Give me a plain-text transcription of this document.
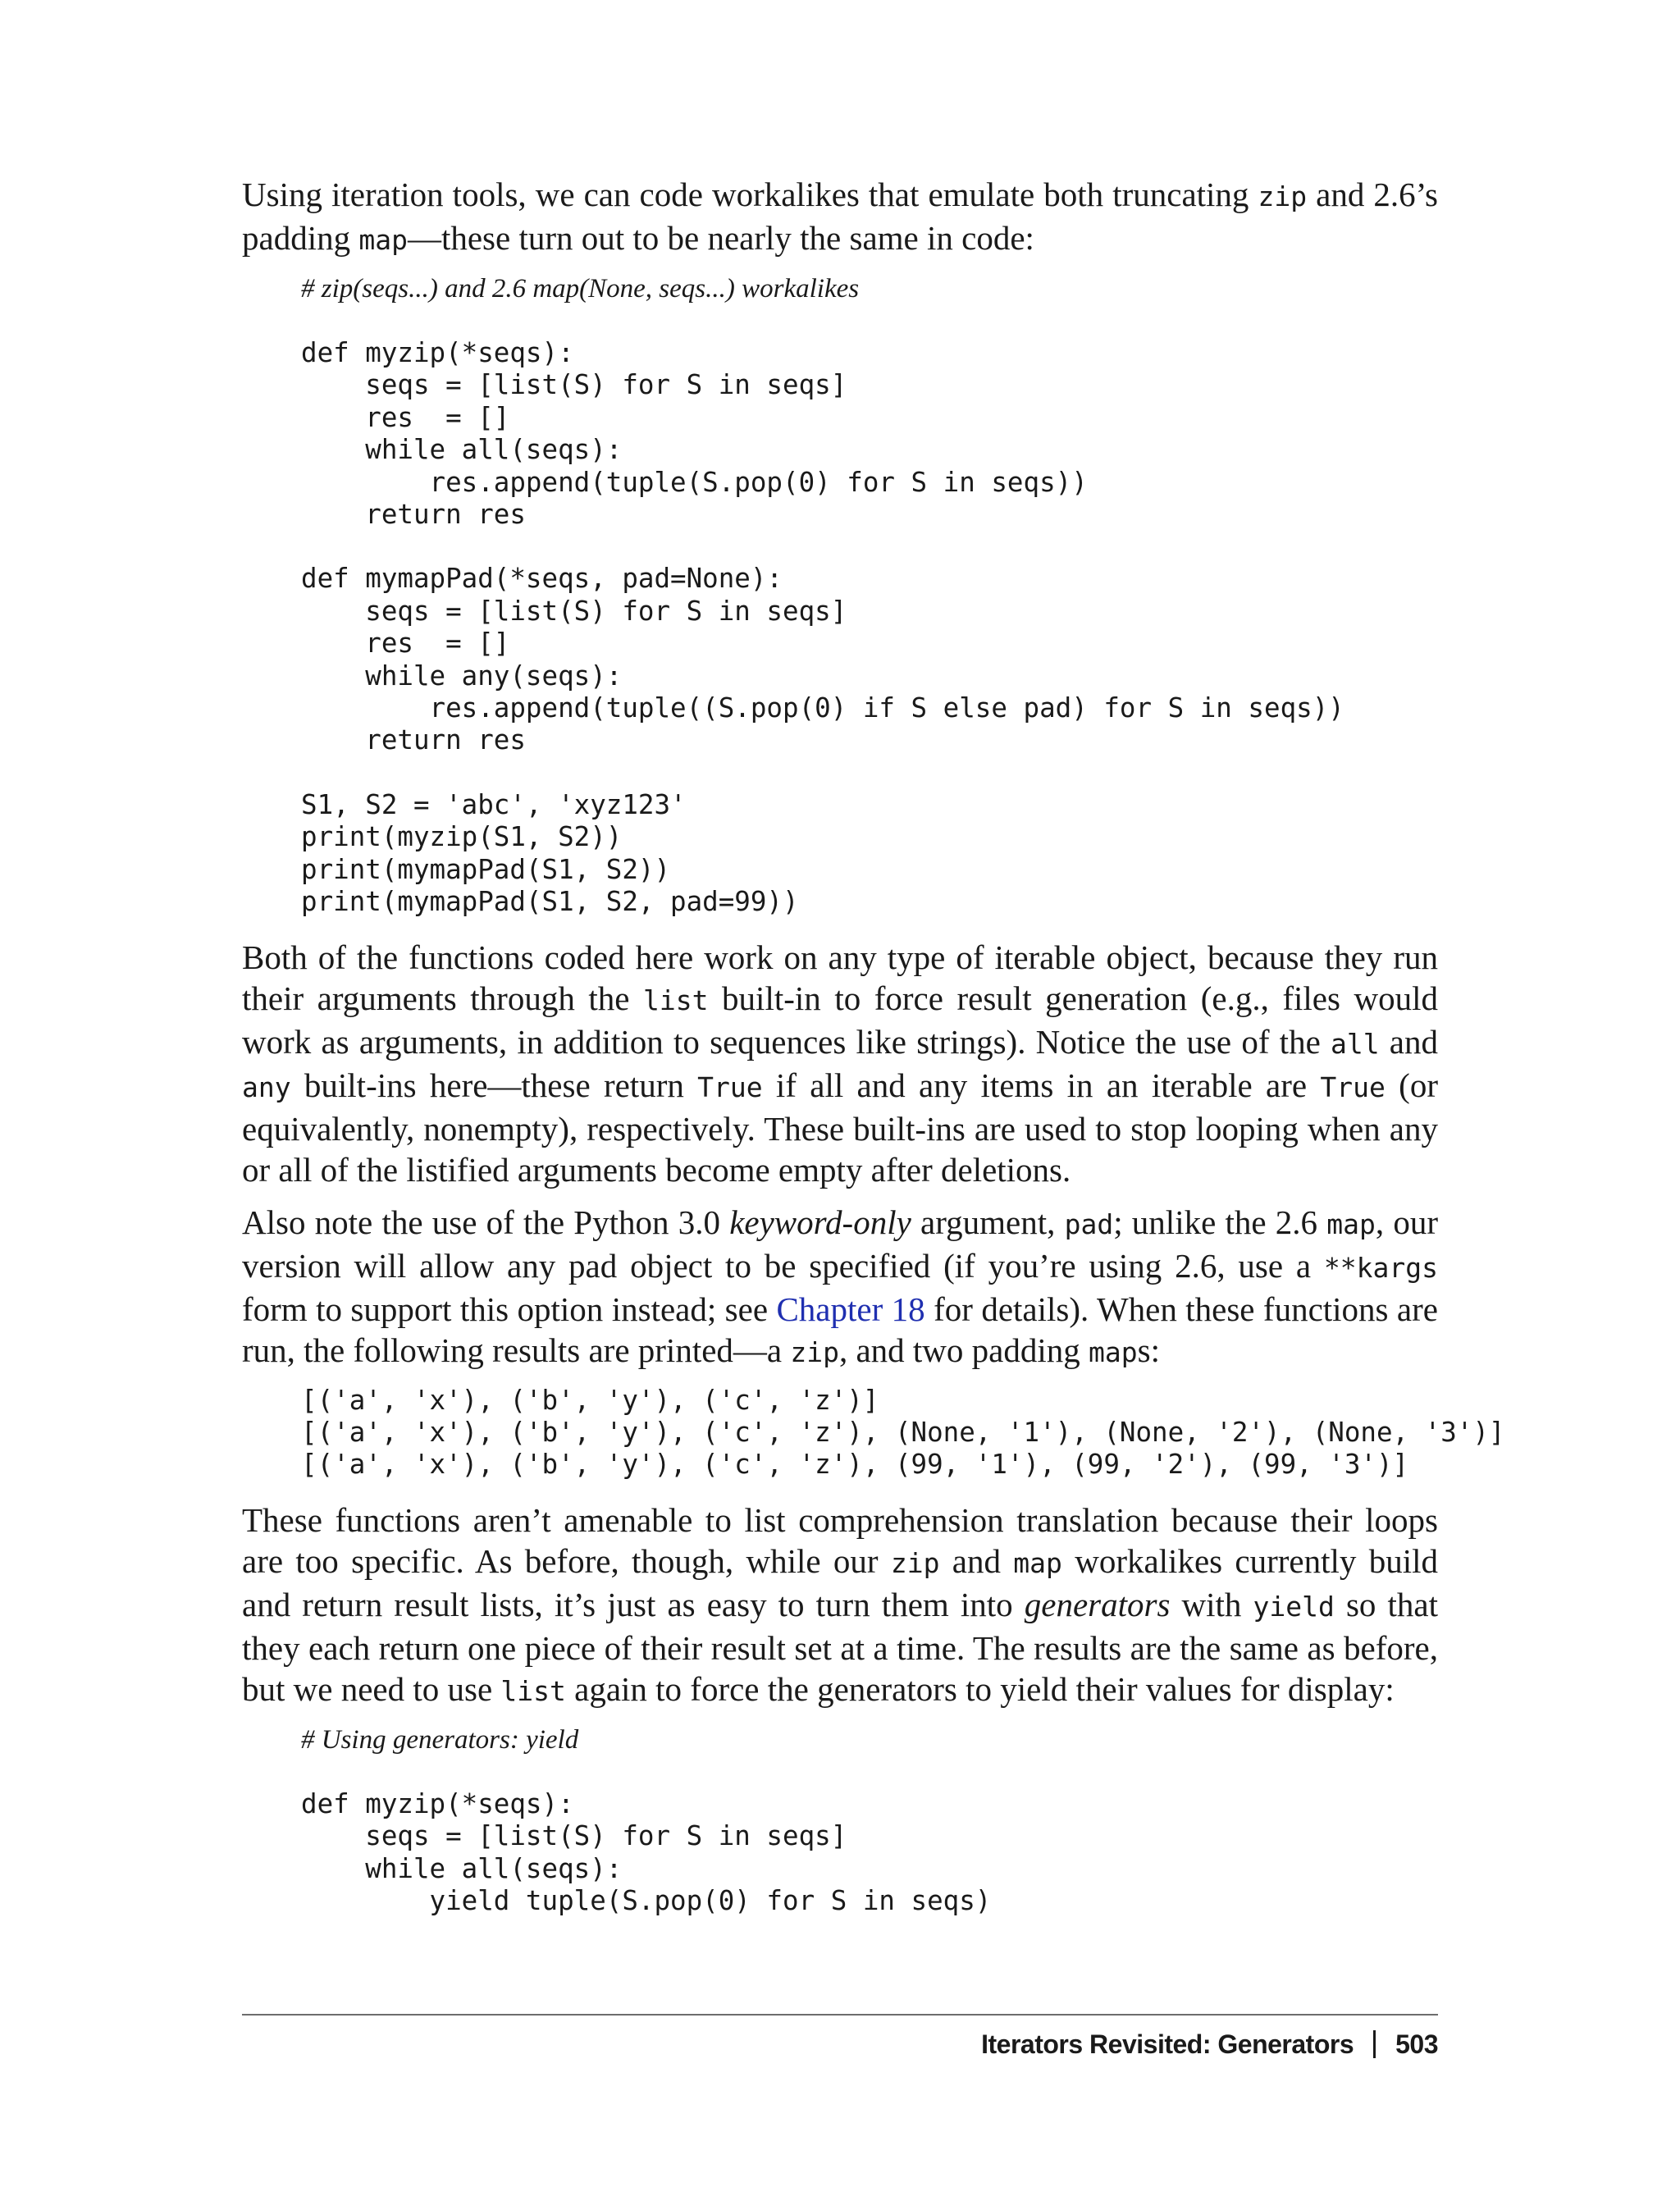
Using iteration tools, we can code workalikes that emulate both truncating zip and 2.6’s padding map—these turn out to be nearly the same in code:

# zip(seqs...) and 2.6 map(None, seqs...) workalikes
def myzip(*seqs):
seqs = [list(S) for S in seqs]
res  = []
while all(seqs):
res.append(tuple(S.pop(0) for S in seqs))
return res
def mymapPad(*seqs, pad=None):
seqs = [list(S) for S in seqs]
res  = []
while any(seqs):
res.append(tuple((S.pop(0) if S else pad) for S in seqs))
return res
S1, S2 = 'abc', 'xyz123'
print(myzip(S1, S2))
print(mymapPad(S1, S2))
print(mymapPad(S1, S2, pad=99))

Both of the functions coded here work on any type of iterable object, because they run their arguments through the list built-in to force result generation (e.g., files would work as arguments, in addition to sequences like strings). Notice the use of the all and any built-ins here—these return True if all and any items in an iterable are True (or equivalently, nonempty), respectively. These built-ins are used to stop looping when any or all of the listified arguments become empty after deletions.

Also note the use of the Python 3.0 keyword-only argument, pad; unlike the 2.6 map, our version will allow any pad object to be specified (if you’re using 2.6, use a **kargs form to support this option instead; see Chapter 18 for details). When these functions are run, the following results are printed—a zip, and two padding maps:

[('a', 'x'), ('b', 'y'), ('c', 'z')]
[('a', 'x'), ('b', 'y'), ('c', 'z'), (None, '1'), (None, '2'), (None, '3')]
[('a', 'x'), ('b', 'y'), ('c', 'z'), (99, '1'), (99, '2'), (99, '3')]

These functions aren’t amenable to list comprehension translation because their loops are too specific. As before, though, while our zip and map workalikes currently build and return result lists, it’s just as easy to turn them into generators with yield so that they each return one piece of their result set at a time. The results are the same as before, but we need to use list again to force the generators to yield their values for display:

# Using generators: yield
def myzip(*seqs):
seqs = [list(S) for S in seqs]
while all(seqs):
yield tuple(S.pop(0) for S in seqs)
Iterators Revisited: Generators 503
